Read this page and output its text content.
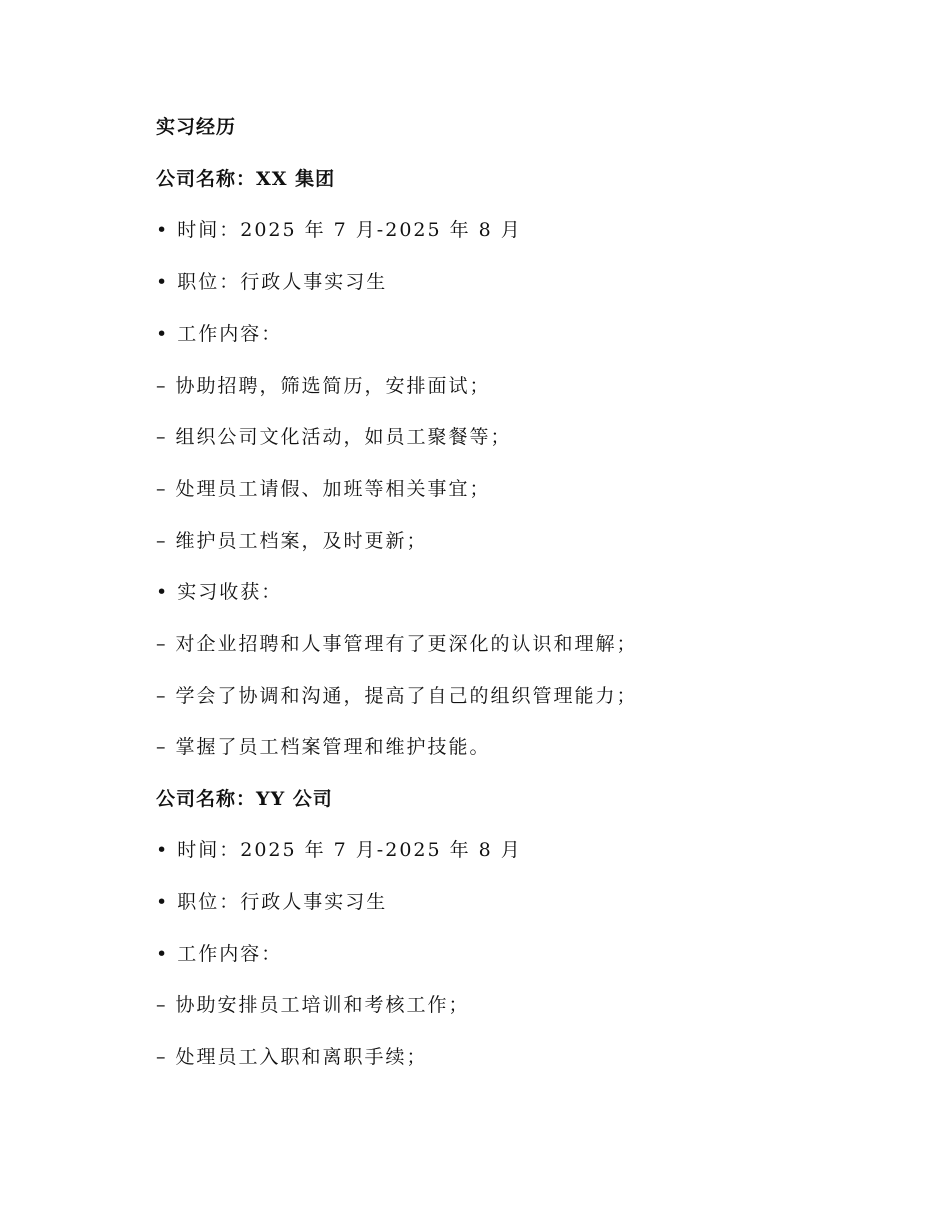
实习经历
公司名称：XX 集团
• 时间：2025 年 7 月-2025 年 8 月
• 职位：行政人事实习生
• 工作内容：
– 协助招聘，筛选简历，安排面试；
– 组织公司文化活动，如员工聚餐等；
– 处理员工请假、加班等相关事宜；
– 维护员工档案，及时更新；
• 实习收获：
– 对企业招聘和人事管理有了更深化的认识和理解；
– 学会了协调和沟通，提高了自己的组织管理能力；
– 掌握了员工档案管理和维护技能。
公司名称：YY 公司
• 时间：2025 年 7 月-2025 年 8 月
• 职位：行政人事实习生
• 工作内容：
– 协助安排员工培训和考核工作；
– 处理员工入职和离职手续；
